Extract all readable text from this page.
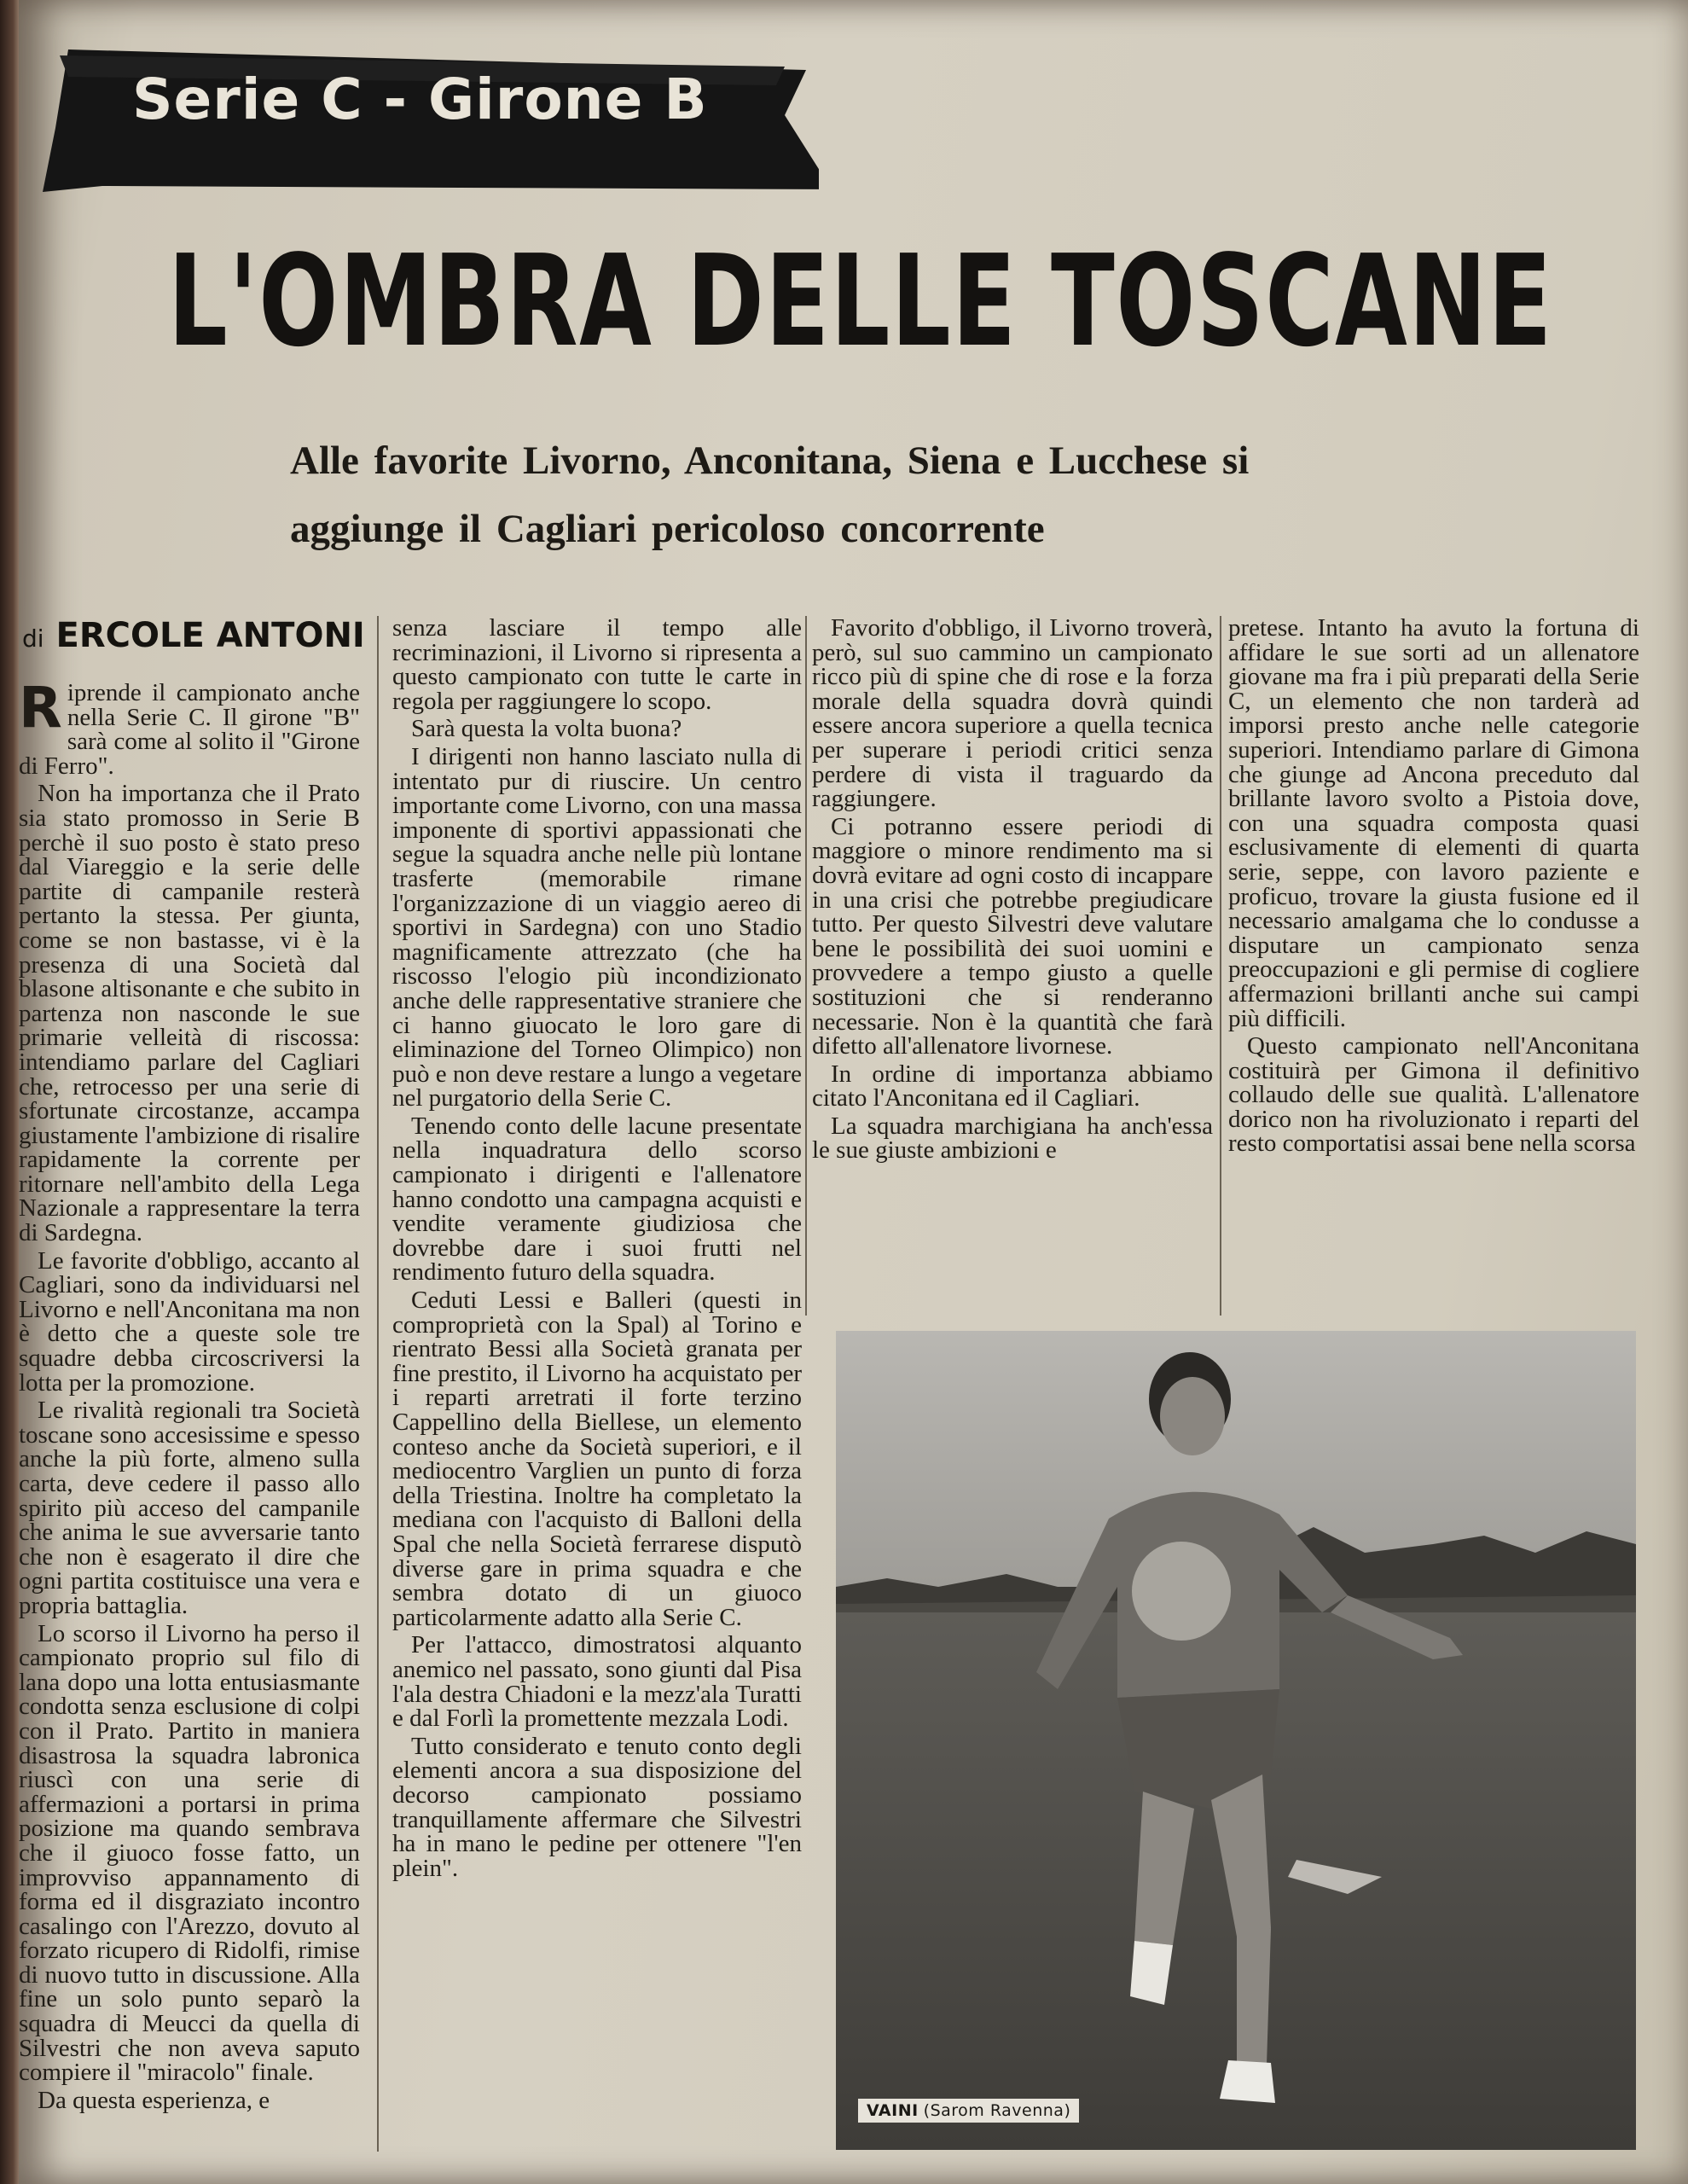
Serie C - Girone B
L'OMBRA DELLE TOSCANE
Alle favorite Livorno, Anconitana, Siena e Lucchese si aggiunge il Cagliari pericoloso concorrente
di ERCOLE ANTONI

Riprende il campionato anche nella Serie C. Il girone "B" sarà come al solito il "Girone di Ferro".

Non ha importanza che il Prato sia stato promosso in Serie B perchè il suo posto è stato preso dal Viareggio e la serie delle partite di campanile resterà pertanto la stessa. Per giunta, come se non bastasse, vi è la presenza di una Società dal blasone altisonante e che subito in partenza non nasconde le sue primarie velleità di riscossa: intendiamo parlare del Cagliari che, retrocesso per una serie di sfortunate circostanze, accampa giustamente l'ambizione di risalire rapidamente la corrente per ritornare nell'ambito della Lega Nazionale a rappresentare la terra di Sardegna.

Le favorite d'obbligo, accanto al Cagliari, sono da individuarsi nel Livorno e nell'Anconitana ma non è detto che a queste sole tre squadre debba circoscriversi la lotta per la promozione.

Le rivalità regionali tra Società toscane sono accesissime e spesso anche la più forte, almeno sulla carta, deve cedere il passo allo spirito più acceso del campanile che anima le sue avversarie tanto che non è esagerato il dire che ogni partita costituisce una vera e propria battaglia.

Lo scorso il Livorno ha perso il campionato proprio sul filo di lana dopo una lotta entusiasmante condotta senza esclusione di colpi con il Prato. Partito in maniera disastrosa la squadra labronica riuscì con una serie di affermazioni a portarsi in prima posizione ma quando sembrava che il giuoco fosse fatto, un improvviso appannamento di forma ed il disgraziato incontro casalingo con l'Arezzo, dovuto al forzato ricupero di Ridolfi, rimise di nuovo tutto in discussione. Alla fine un solo punto separò la squadra di Meucci da quella di Silvestri che non aveva saputo compiere il "miracolo" finale.

Da questa esperienza, e

senza lasciare il tempo alle recriminazioni, il Livorno si ripresenta a questo campionato con tutte le carte in regola per raggiungere lo scopo.

Sarà questa la volta buona?

I dirigenti non hanno lasciato nulla di intentato pur di riuscire. Un centro importante come Livorno, con una massa imponente di sportivi appassionati che segue la squadra anche nelle più lontane trasferte (memorabile rimane l'organizzazione di un viaggio aereo di sportivi in Sardegna) con uno Stadio magnificamente attrezzato (che ha riscosso l'elogio più incondizionato anche delle rappresentative straniere che ci hanno giuocato le loro gare di eliminazione del Torneo Olimpico) non può e non deve restare a lungo a vegetare nel purgatorio della Serie C.

Tenendo conto delle lacune presentate nella inquadratura dello scorso campionato i dirigenti e l'allenatore hanno condotto una campagna acquisti e vendite veramente giudiziosa che dovrebbe dare i suoi frutti nel rendimento futuro della squadra.

Ceduti Lessi e Balleri (questi in comproprietà con la Spal) al Torino e rientrato Bessi alla Società granata per fine prestito, il Livorno ha acquistato per i reparti arretrati il forte terzino Cappellino della Biellese, un elemento conteso anche da Società superiori, e il mediocentro Varglien un punto di forza della Triestina. Inoltre ha completato la mediana con l'acquisto di Balloni della Spal che nella Società ferrarese disputò diverse gare in prima squadra e che sembra dotato di un giuoco particolarmente adatto alla Serie C.

Per l'attacco, dimostratosi alquanto anemico nel passato, sono giunti dal Pisa l'ala destra Chiadoni e la mezz'ala Turatti e dal Forlì la promettente mezzala Lodi.

Tutto considerato e tenuto conto degli elementi ancora a sua disposizione del decorso campionato possiamo tranquillamente affermare che Silvestri ha in mano le pedine per ottenere "l'en plein".

Favorito d'obbligo, il Livorno troverà, però, sul suo cammino un campionato ricco più di spine che di rose e la forza morale della squadra dovrà quindi essere ancora superiore a quella tecnica per superare i periodi critici senza perdere di vista il traguardo da raggiungere.

Ci potranno essere periodi di maggiore o minore rendimento ma si dovrà evitare ad ogni costo di incappare in una crisi che potrebbe pregiudicare tutto. Per questo Silvestri deve valutare bene le possibilità dei suoi uomini e provvedere a tempo giusto a quelle sostituzioni che si renderanno necessarie. Non è la quantità che farà difetto all'allenatore livornese.

In ordine di importanza abbiamo citato l'Anconitana ed il Cagliari.

La squadra marchigiana ha anch'essa le sue giuste ambizioni e

pretese. Intanto ha avuto la fortuna di affidare le sue sorti ad un allenatore giovane ma fra i più preparati della Serie C, un elemento che non tarderà ad imporsi presto anche nelle categorie superiori. Intendiamo parlare di Gimona che giunge ad Ancona preceduto dal brillante lavoro svolto a Pistoia dove, con una squadra composta quasi esclusivamente di elementi di quarta serie, seppe, con lavoro paziente e proficuo, trovare la giusta fusione ed il necessario amalgama che lo condusse a disputare un campionato senza preoccupazioni e gli permise di cogliere affermazioni brillanti anche sui campi più difficili.

Questo campionato nell'Anconitana costituirà per Gimona il definitivo collaudo delle sue qualità. L'allenatore dorico non ha rivoluzionato i reparti del resto comportatisi assai bene nella scorsa

VAINI (Sarom Ravenna)
